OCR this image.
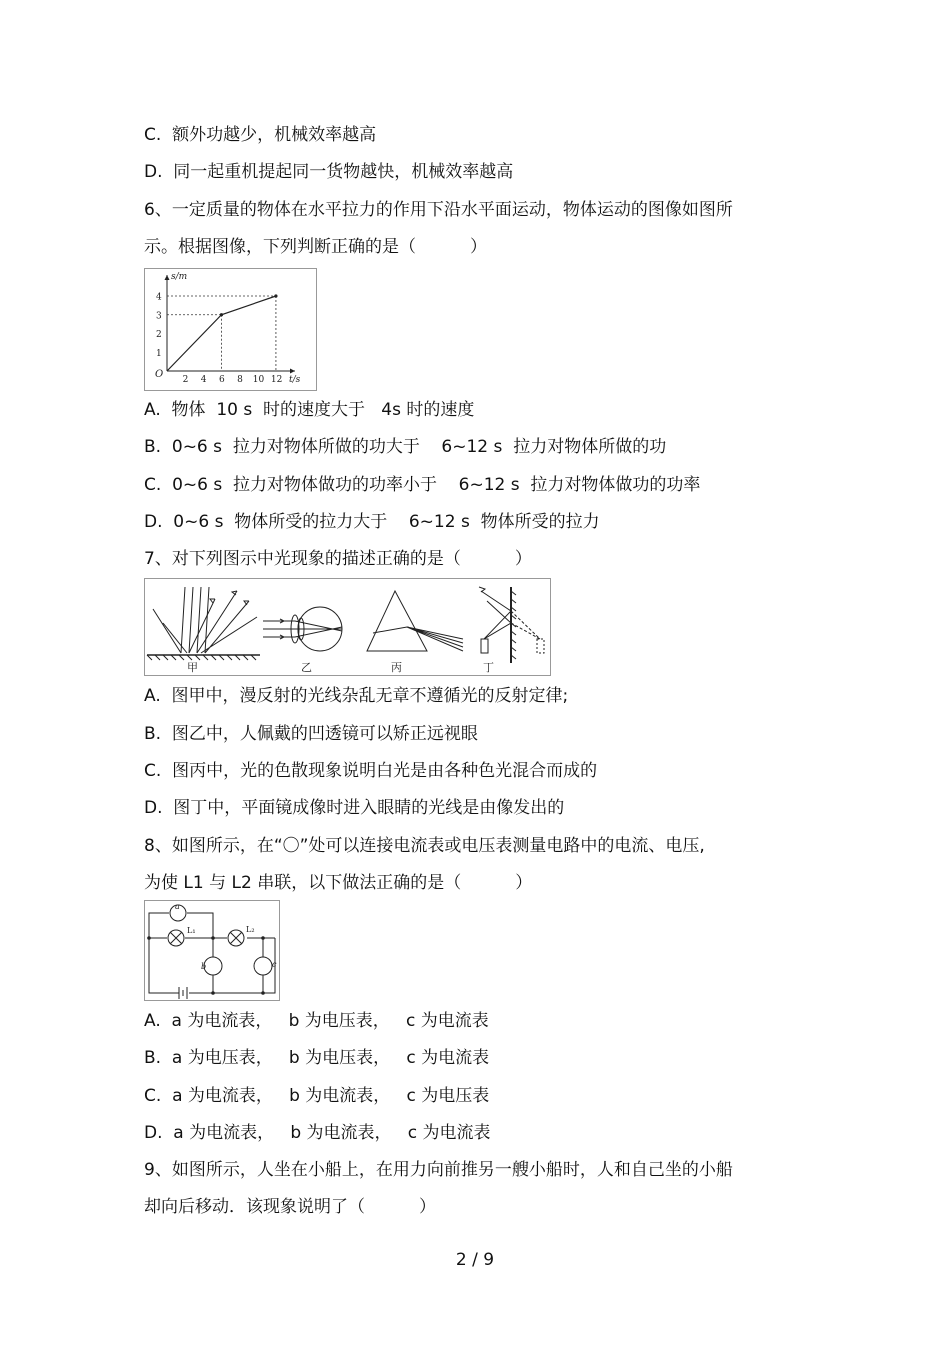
C.  额外功越少，机械效率越高
D.  同一起重机提起同一货物越快，机械效率越高
6、一定质量的物体在水平拉力的作用下沿水平面运动，物体运动的图像如图所
示。根据图像，下列判断正确的是（          ）
s/m
t/s
O
1
2
3
4
2 4 6 8 10 12
A.  物体  10 s  时的速度大于   4s 时的速度
B.  0~6 s  拉力对物体所做的功大于    6~12 s  拉力对物体所做的功
C.  0~6 s  拉力对物体做功的功率小于    6~12 s  拉力对物体做功的功率
D.  0~6 s  物体所受的拉力大于    6~12 s  物体所受的拉力
7、对下列图示中光现象的描述正确的是（          ）
甲	乙	丙	丁
A.  图甲中，漫反射的光线杂乱无章不遵循光的反射定律;
B.  图乙中，人佩戴的凹透镜可以矫正远视眼
C.  图丙中，光的色散现象说明白光是由各种色光混合而成的
D.  图丁中，平面镜成像时进入眼睛的光线是由像发出的
8、如图所示，在“〇”处可以连接电流表或电压表测量电路中的电流、电压,
为使 L1 与 L2 串联，以下做法正确的是（          ）
a
b	c
L₁	L₂
A.  a 为电流表，   b 为电压表，   c 为电流表
B.  a 为电压表，   b 为电压表，   c 为电流表
C.  a 为电流表，   b 为电流表，   c 为电压表
D.  a 为电流表，   b 为电流表，   c 为电流表
9、如图所示，人坐在小船上，在用力向前推另一艘小船时，人和自己坐的小船
却向后移动．该现象说明了（          ）
2 / 9
